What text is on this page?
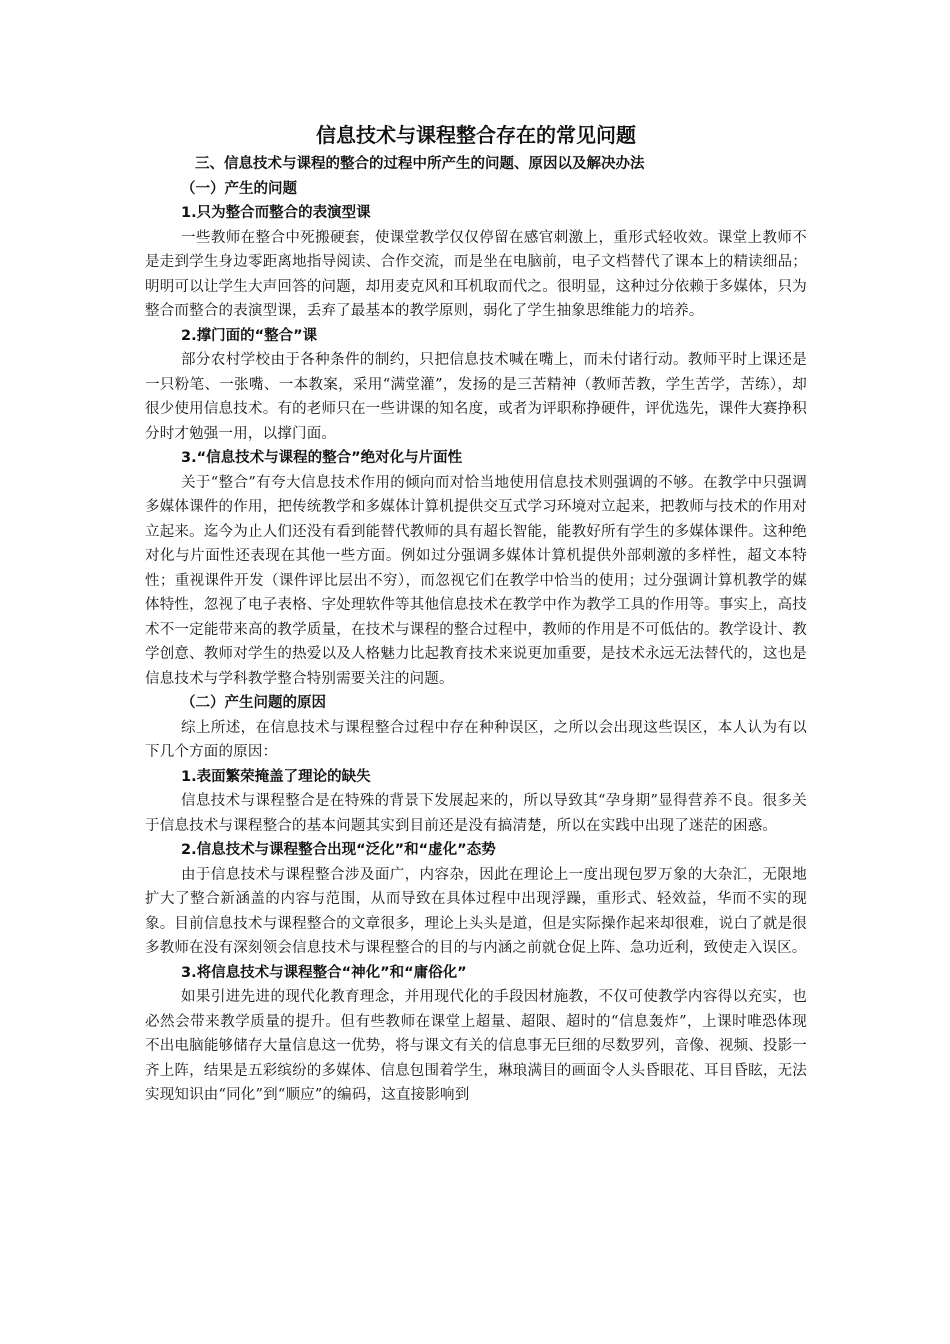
信息技术与课程整合存在的常见问题

三、信息技术与课程的整合的过程中所产生的问题、原因以及解决办法

（一）产生的问题

1.只为整合而整合的表演型课

一些教师在整合中死搬硬套，使课堂教学仅仅停留在感官刺激上，重形式轻收效。课堂上教师不是走到学生身边零距离地指导阅读、合作交流，而是坐在电脑前，电子文档替代了课本上的精读细品；明明可以让学生大声回答的问题，却用麦克风和耳机取而代之。很明显，这种过分依赖于多媒体，只为整合而整合的表演型课，丢弃了最基本的教学原则，弱化了学生抽象思维能力的培养。

2.撑门面的“整合”课

部分农村学校由于各种条件的制约，只把信息技术喊在嘴上，而未付诸行动。教师平时上课还是一只粉笔、一张嘴、一本教案，采用“满堂灌”，发扬的是三苦精神（教师苦教，学生苦学，苦练），却很少使用信息技术。有的老师只在一些讲课的知名度，或者为评职称挣硬件，评优选先，课件大赛挣积分时才勉强一用，以撑门面。

3.“信息技术与课程的整合”绝对化与片面性

关于“整合”有夸大信息技术作用的倾向而对恰当地使用信息技术则强调的不够。在教学中只强调多媒体课件的作用，把传统教学和多媒体计算机提供交互式学习环境对立起来，把教师与技术的作用对立起来。迄今为止人们还没有看到能替代教师的具有超长智能，能教好所有学生的多媒体课件。这种绝对化与片面性还表现在其他一些方面。例如过分强调多媒体计算机提供外部刺激的多样性，超文本特性；重视课件开发（课件评比层出不穷），而忽视它们在教学中恰当的使用；过分强调计算机教学的媒体特性，忽视了电子表格、字处理软件等其他信息技术在教学中作为教学工具的作用等。事实上，高技术不一定能带来高的教学质量，在技术与课程的整合过程中，教师的作用是不可低估的。教学设计、教学创意、教师对学生的热爱以及人格魅力比起教育技术来说更加重要，是技术永远无法替代的，这也是信息技术与学科教学整合特别需要关注的问题。

（二）产生问题的原因

综上所述，在信息技术与课程整合过程中存在种种误区，之所以会出现这些误区，本人认为有以下几个方面的原因：

1.表面繁荣掩盖了理论的缺失

信息技术与课程整合是在特殊的背景下发展起来的，所以导致其“孕身期”显得营养不良。很多关于信息技术与课程整合的基本问题其实到目前还是没有搞清楚，所以在实践中出现了迷茫的困惑。

2.信息技术与课程整合出现“泛化”和“虚化”态势

由于信息技术与课程整合涉及面广，内容杂，因此在理论上一度出现包罗万象的大杂汇，无限地扩大了整合新涵盖的内容与范围，从而导致在具体过程中出现浮躁，重形式、轻效益，华而不实的现象。目前信息技术与课程整合的文章很多，理论上头头是道，但是实际操作起来却很难，说白了就是很多教师在没有深刻领会信息技术与课程整合的目的与内涵之前就仓促上阵、急功近利，致使走入误区。

3.将信息技术与课程整合“神化”和“庸俗化”

如果引进先进的现代化教育理念，并用现代化的手段因材施教，不仅可使教学内容得以充实，也必然会带来教学质量的提升。但有些教师在课堂上超量、超限、超时的“信息轰炸”，上课时唯恐体现不出电脑能够储存大量信息这一优势，将与课文有关的信息事无巨细的尽数罗列，音像、视频、投影一齐上阵，结果是五彩缤纷的多媒体、信息包围着学生，琳琅满目的画面令人头昏眼花、耳目昏眩，无法实现知识由“同化”到“顺应”的编码，这直接影响到
